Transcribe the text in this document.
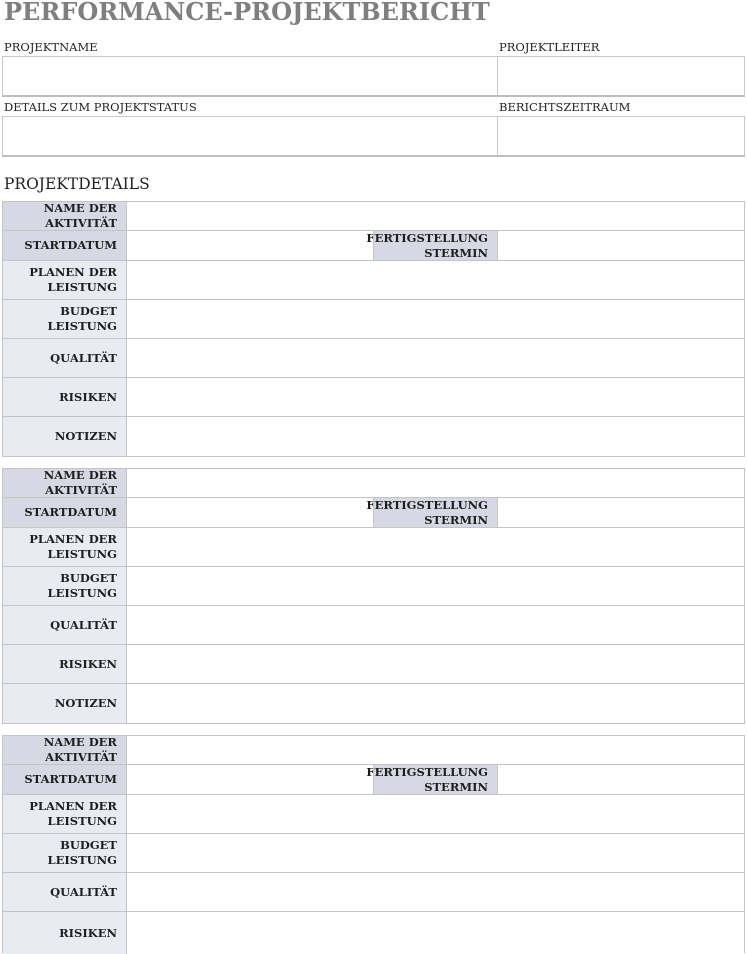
PERFORMANCE-PROJEKTBERICHT
PROJEKTNAME	PROJEKTLEITER
DETAILS ZUM PROJEKTSTATUS	BERICHTSZEITRAUM
PROJEKTDETAILS
NAME DER
AKTIVITÄT
STARTDATUM
FERTIGSTELLUNG
STERMIN
PLANEN DER
LEISTUNG
BUDGET
LEISTUNG
QUALITÄT
RISIKEN
NOTIZEN
NAME DER
AKTIVITÄT
STARTDATUM
FERTIGSTELLUNG
STERMIN
PLANEN DER
LEISTUNG
BUDGET
LEISTUNG
QUALITÄT
RISIKEN
NOTIZEN
NAME DER
AKTIVITÄT
STARTDATUM
FERTIGSTELLUNG
STERMIN
PLANEN DER
LEISTUNG
BUDGET
LEISTUNG
QUALITÄT
RISIKEN
